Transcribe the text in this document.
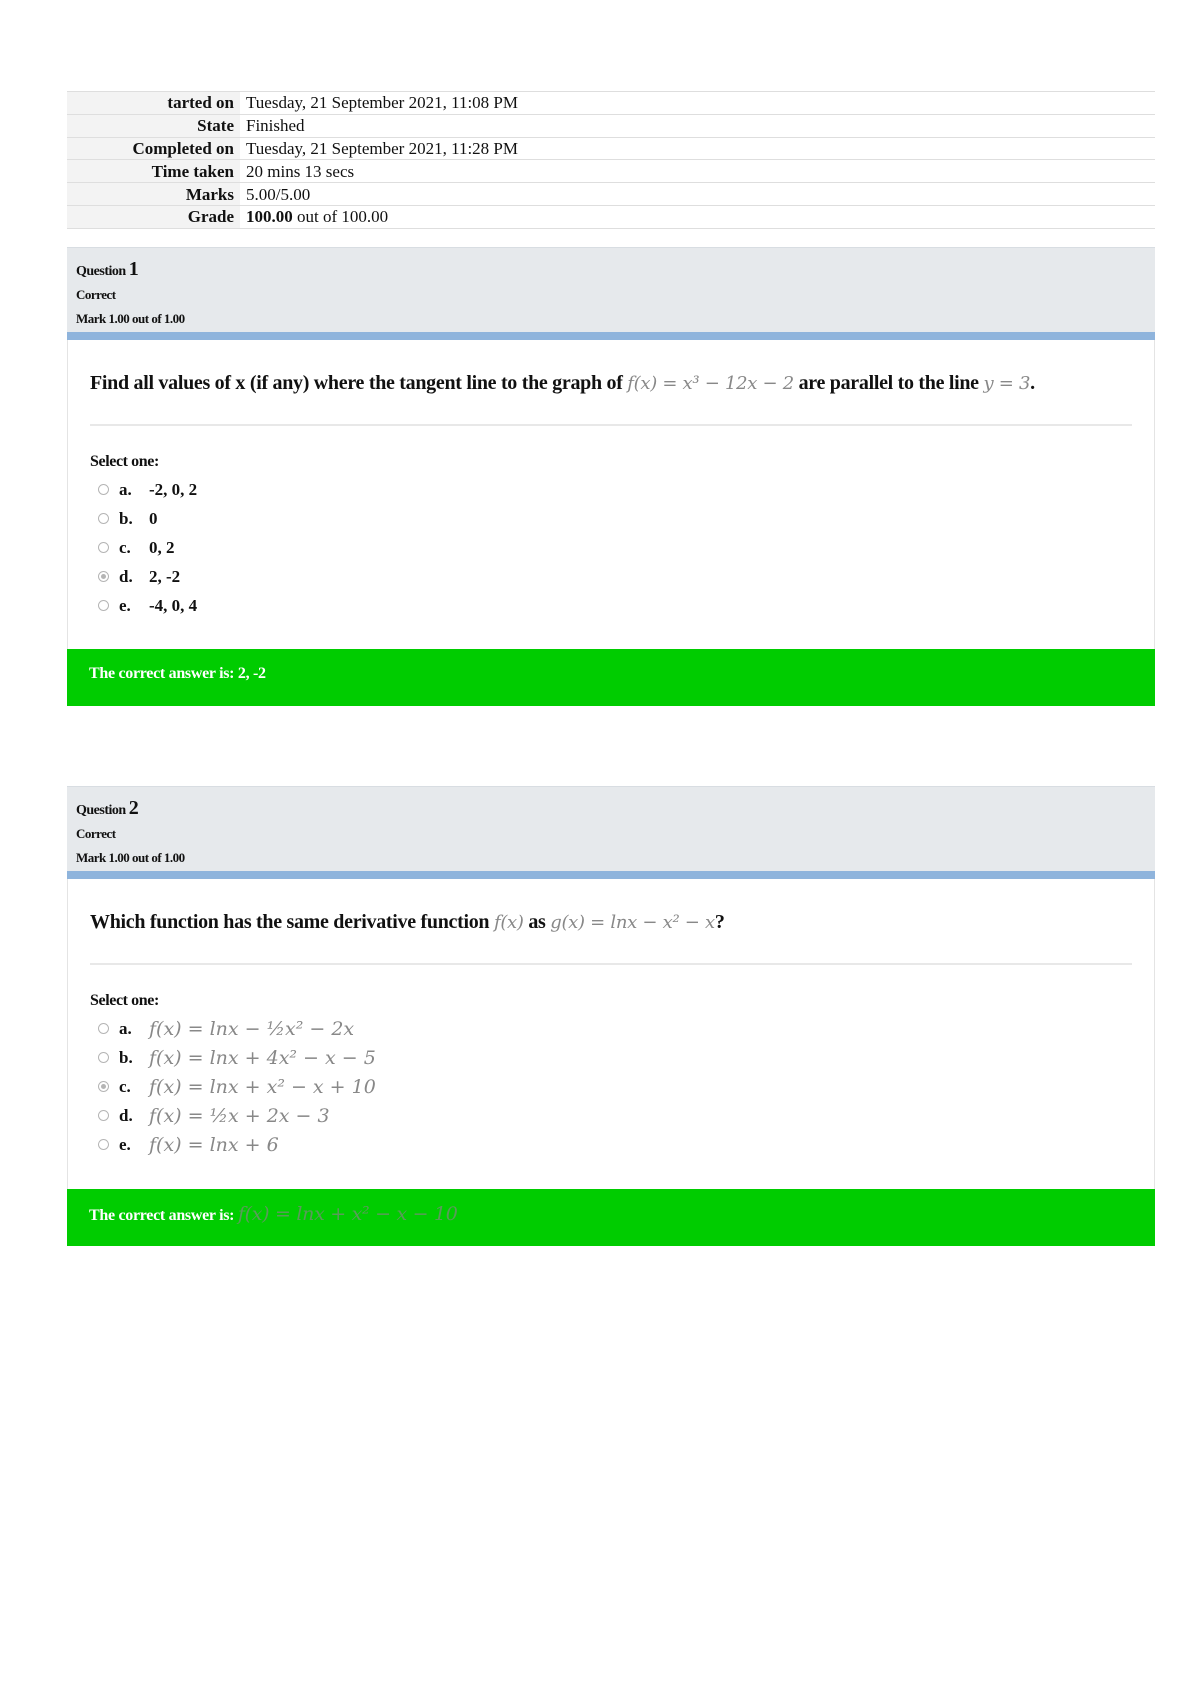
tarted on	Tuesday, 21 September 2021, 11:08 PM
State	Finished
Completed on	Tuesday, 21 September 2021, 11:28 PM
Time taken	20 mins 13 secs
Marks	5.00/5.00
Grade	100.00 out of 100.00
Question 1
Correct
Mark 1.00 out of 1.00
Find all values of x (if any) where the tangent line to the graph of f(x) = x³ − 12x − 2 are parallel to the line y = 3.
Select one:
a.	-2, 0, 2
b. 0
c.	0, 2
d. 2, -2
e.	-4, 0, 4
The correct answer is: 2, -2
Question 2
Correct
Mark 1.00 out of 1.00
Which function has the same derivative function f(x) as g(x) = lnx − x² − x?
Select one:
a. f(x) = lnx − ½x² − 2x
b. f(x) = lnx + 4x² − x − 5
c. f(x) = lnx + x² − x + 10
d. f(x) = ½x + 2x − 3
e. f(x) = lnx + 6
The correct answer is: f(x) = lnx + x² − x − 10
